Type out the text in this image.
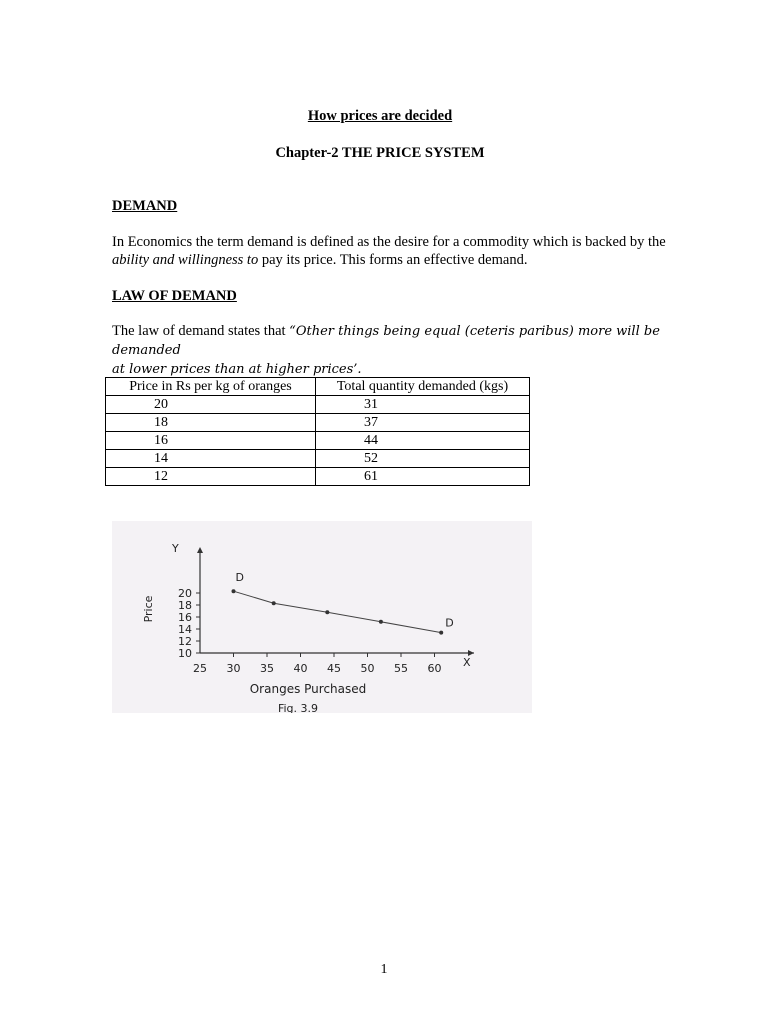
How prices are decided
Chapter-2 THE PRICE SYSTEM
DEMAND
In Economics the term demand is defined as the desire for a commodity which is backed by the
ability and willingness to pay its price. This forms an effective demand.
LAW OF DEMAND
The law of demand states that “Other things being equal (ceteris paribus) more will be demanded
at lower prices than at higher prices’.
Price in Rs per kg of oranges	Total quantity demanded (kgs)
20	31
18	37
16	44
14	52
12	61
Y
X
Price
Oranges Purchased
Fig. 3.9
10
12
14
16
18
20
25 30 35 40 45 50 55 60
D
D
1
